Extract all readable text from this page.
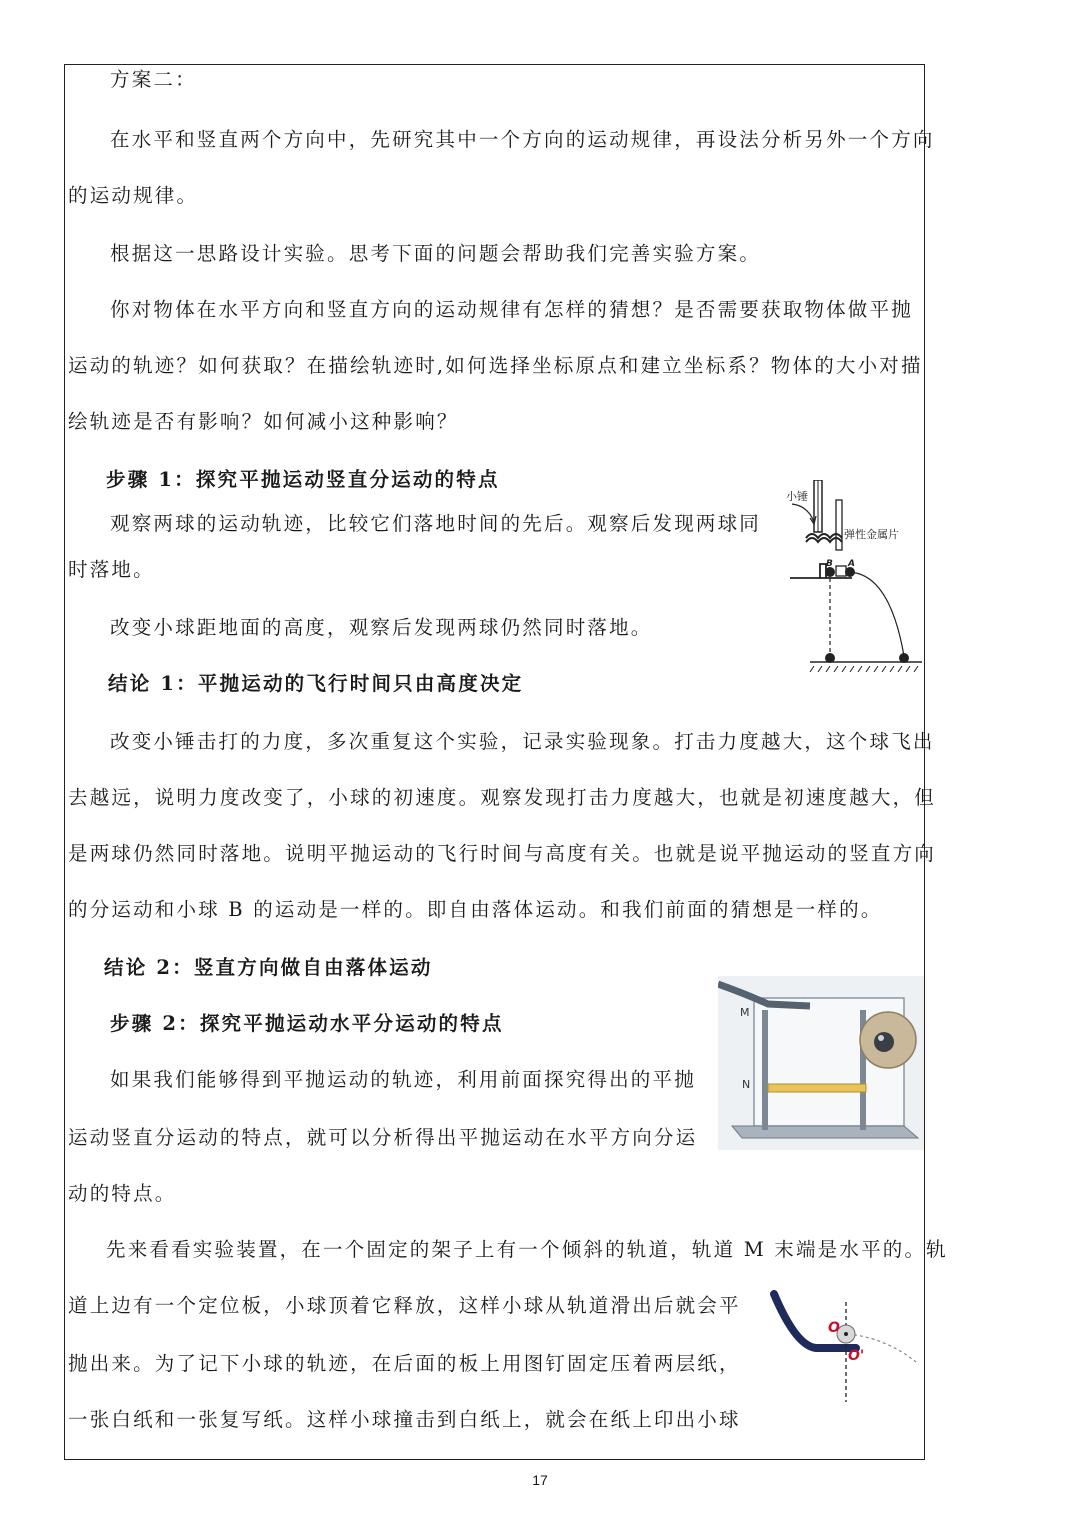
方案二：
在水平和竖直两个方向中，先研究其中一个方向的运动规律，再设法分析另外一个方向
的运动规律。
根据这一思路设计实验。思考下面的问题会帮助我们完善实验方案。
你对物体在水平方向和竖直方向的运动规律有怎样的猜想？是否需要获取物体做平抛
运动的轨迹？如何获取？在描绘轨迹时,如何选择坐标原点和建立坐标系？物体的大小对描
绘轨迹是否有影响？如何减小这种影响？
步骤 1：探究平抛运动竖直分运动的特点
观察两球的运动轨迹，比较它们落地时间的先后。观察后发现两球同
时落地。
改变小球距地面的高度，观察后发现两球仍然同时落地。
结论 1：平抛运动的飞行时间只由高度决定
改变小锤击打的力度，多次重复这个实验，记录实验现象。打击力度越大，这个球飞出
去越远，说明力度改变了，小球的初速度。观察发现打击力度越大，也就是初速度越大，但
是两球仍然同时落地。说明平抛运动的飞行时间与高度有关。也就是说平抛运动的竖直方向
的分运动和小球 B 的运动是一样的。即自由落体运动。和我们前面的猜想是一样的。
结论 2：竖直方向做自由落体运动
步骤 2：探究平抛运动水平分运动的特点
如果我们能够得到平抛运动的轨迹，利用前面探究得出的平抛
运动竖直分运动的特点，就可以分析得出平抛运动在水平方向分运
动的特点。
先来看看实验装置，在一个固定的架子上有一个倾斜的轨道，轨道 M 末端是水平的。轨
道上边有一个定位板，小球顶着它释放，这样小球从轨道滑出后就会平
抛出来。为了记下小球的轨迹，在后面的板上用图钉固定压着两层纸，
一张白纸和一张复写纸。这样小球撞击到白纸上，就会在纸上印出小球
小锤
弹性金属片
B A
M
N
O
O'
17
